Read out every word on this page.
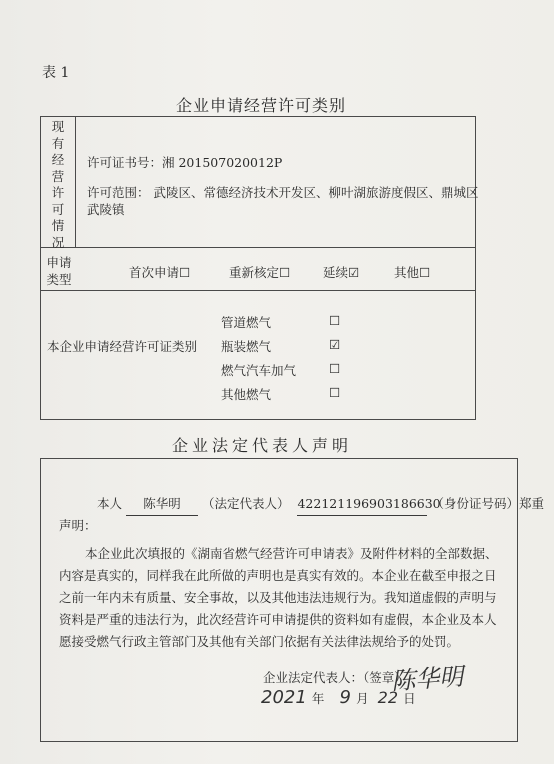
表 1
企业申请经营许可类别
现
有
经
营
许
可
情
况
许可证书号：湘 201507020012P
许可范围： 武陵区、常德经济技术开发区、柳叶湖旅游度假区、鼎城区
武陵镇
申请
类型	首次申请☐	重新核定☐	延续☑	其他☐
本企业申请经营许可证类别
管道燃气	☐
瓶装燃气	☑
燃气汽车加气	☐
其他燃气	☐
企业法定代表人声明
本人 陈华明 （法定代表人） 422121196903186630 （身份证号码）郑重
声明：
本企业此次填报的《湖南省燃气经营许可申请表》及附件材料的全部数据、
内容是真实的，同样我在此所做的声明也是真实有效的。本企业在截至申报之日
之前一年内未有质量、安全事故，以及其他违法违规行为。我知道虚假的声明与
资料是严重的违法行为，此次经营许可申请提供的资料如有虚假，本企业及本人
愿接受燃气行政主管部门及其他有关部门依据有关法律法规给予的处罚。
企业法定代表人：（签章）
陈华明
2021 年 9 月 22 日
